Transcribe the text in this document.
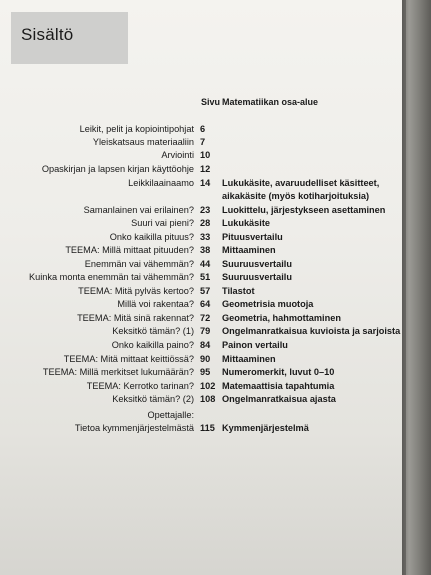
Sisältö
Sivu Matematiikan osa-alue
Leikit, pelit ja kopiointipohjat 6
Yleiskatsaus materiaaliin 7
Arviointi 10
Opaskirjan ja lapsen kirjan käyttöohje 12
Leikkilaainaamo 14	Lukukäsite, avaruudelliset käsitteet,
aikakäsite (myös kotiharjoituksia)
Samanlainen vai erilainen? 23	Luokittelu, järjestykseen asettaminen
Suuri vai pieni? 28	Lukukäsite
Onko kaikilla pituus? 33	Pituusvertailu
TEEMA: Millä mittaat pituuden? 38	Mittaaminen
Enemmän vai vähemmän? 44	Suuruusvertailu
Kuinka monta enemmän tai vähemmän? 51	Suuruusvertailu
TEEMA: Mitä pylväs kertoo? 57	Tilastot
Millä voi rakentaa? 64	Geometrisia muotoja
TEEMA: Mitä sinä rakennat? 72	Geometria, hahmottaminen
Keksitkö tämän? (1) 79	Ongelmanratkaisua kuvioista ja sarjoista
Onko kaikilla paino? 84	Painon vertailu
TEEMA: Mitä mittaat keittiössä? 90	Mittaaminen
TEEMA: Millä merkitset lukumäärän? 95	Numeromerkit, luvut 0–10
TEEMA: Kerrotko tarinan? 102 Matemaattisia tapahtumia
Keksitkö tämän? (2) 108 Ongelmanratkaisua ajasta
Opettajalle:
Tietoa kymmenjärjestelmästä 115 Kymmenjärjestelmä
